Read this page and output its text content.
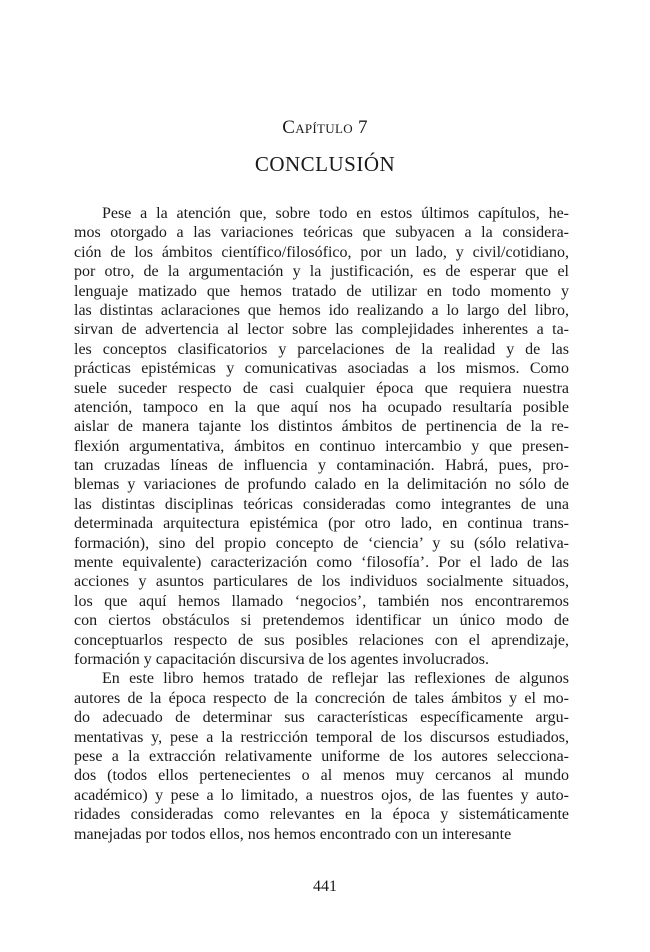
Capítulo 7
CONCLUSIÓN
Pese a la atención que, sobre todo en estos últimos capítulos, he-
mos otorgado a las variaciones teóricas que subyacen a la considera-
ción de los ámbitos científico/filosófico, por un lado, y civil/cotidiano,
por otro, de la argumentación y la justificación, es de esperar que el
lenguaje matizado que hemos tratado de utilizar en todo momento y
las distintas aclaraciones que hemos ido realizando a lo largo del libro,
sirvan de advertencia al lector sobre las complejidades inherentes a ta-
les conceptos clasificatorios y parcelaciones de la realidad y de las
prácticas epistémicas y comunicativas asociadas a los mismos. Como
suele suceder respecto de casi cualquier época que requiera nuestra
atención, tampoco en la que aquí nos ha ocupado resultaría posible
aislar de manera tajante los distintos ámbitos de pertinencia de la re-
flexión argumentativa, ámbitos en continuo intercambio y que presen-
tan cruzadas líneas de influencia y contaminación. Habrá, pues, pro-
blemas y variaciones de profundo calado en la delimitación no sólo de
las distintas disciplinas teóricas consideradas como integrantes de una
determinada arquitectura epistémica (por otro lado, en continua trans-
formación), sino del propio concepto de ‘ciencia’ y su (sólo relativa-
mente equivalente) caracterización como ‘filosofía’. Por el lado de las
acciones y asuntos particulares de los individuos socialmente situados,
los que aquí hemos llamado ‘negocios’, también nos encontraremos
con ciertos obstáculos si pretendemos identificar un único modo de
conceptuarlos respecto de sus posibles relaciones con el aprendizaje,
formación y capacitación discursiva de los agentes involucrados.
En este libro hemos tratado de reflejar las reflexiones de algunos
autores de la época respecto de la concreción de tales ámbitos y el mo-
do adecuado de determinar sus características específicamente argu-
mentativas y, pese a la restricción temporal de los discursos estudiados,
pese a la extracción relativamente uniforme de los autores selecciona-
dos (todos ellos pertenecientes o al menos muy cercanos al mundo
académico) y pese a lo limitado, a nuestros ojos, de las fuentes y auto-
ridades consideradas como relevantes en la época y sistemáticamente
manejadas por todos ellos, nos hemos encontrado con un interesante
441
